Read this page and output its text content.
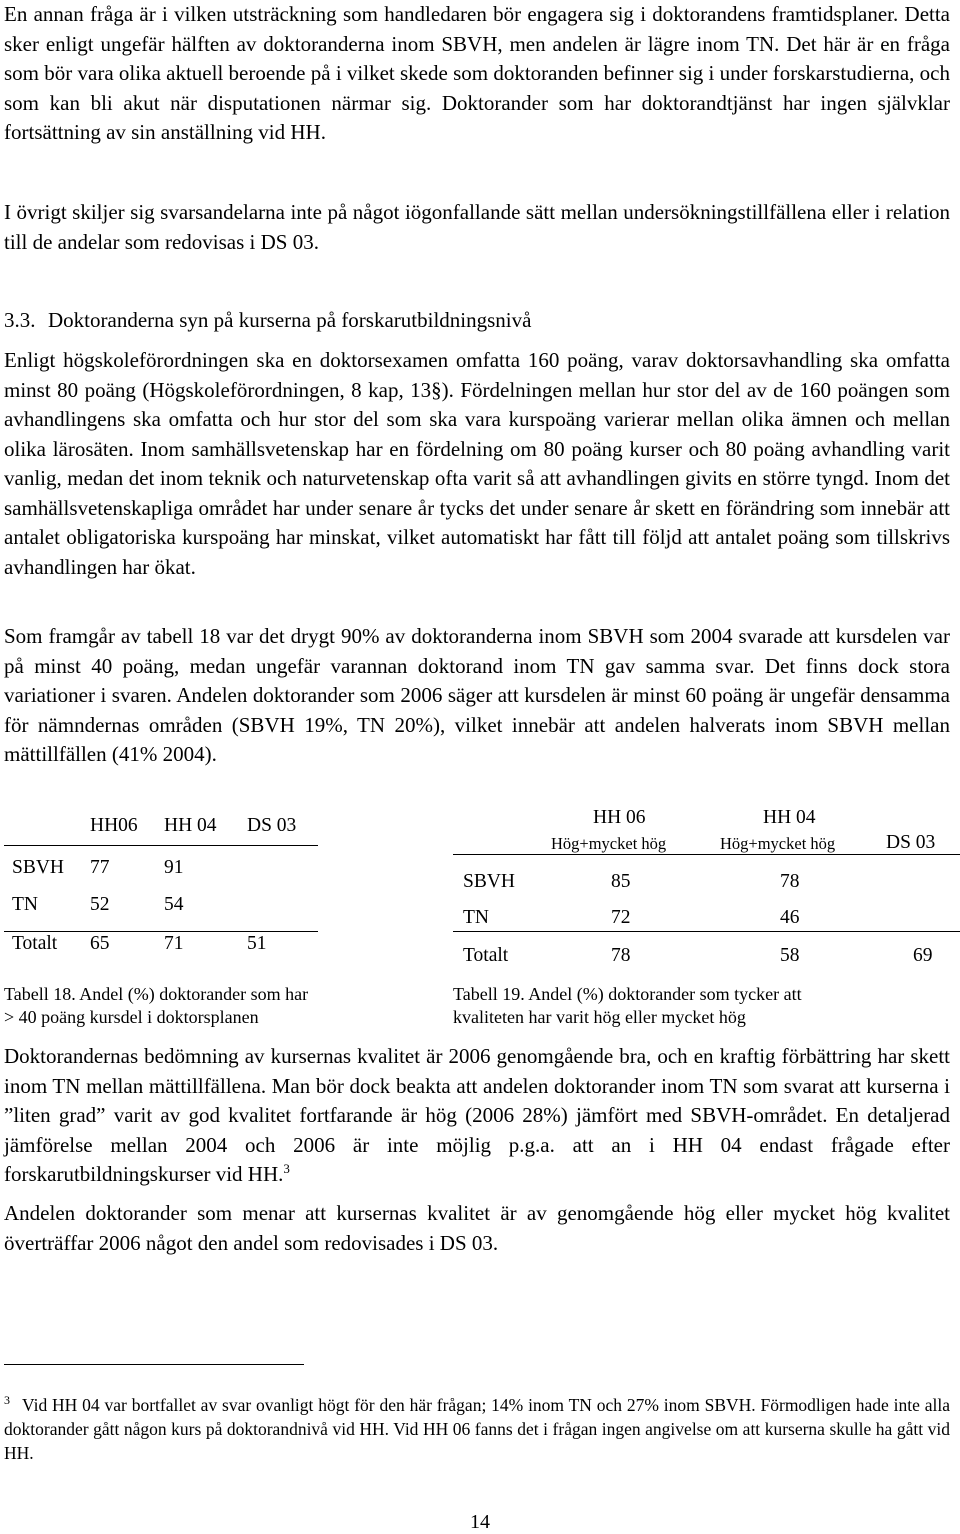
En annan fråga är i vilken utsträckning som handledaren bör engagera sig i doktorandens framtidsplaner. Detta sker enligt ungefär hälften av doktoranderna inom SBVH, men andelen är lägre inom TN. Det här är en fråga som bör vara olika aktuell beroende på i vilket skede som doktoranden befinner sig i under forskarstudierna, och som kan bli akut när disputationen närmar sig. Doktorander som har doktorandtjänst har ingen självklar fortsättning av sin anställning vid HH.

I övrigt skiljer sig svarsandelarna inte på något iögonfallande sätt mellan undersökningstillfällena eller i relation till de andelar som redovisas i DS 03.

3.3. Doktoranderna syn på kurserna på forskarutbildningsnivå

Enligt högskoleförordningen ska en doktorsexamen omfatta 160 poäng, varav doktorsavhandling ska omfatta minst 80 poäng (Högskoleförordningen, 8 kap, 13§). Fördelningen mellan hur stor del av de 160 poängen som avhandlingens ska omfatta och hur stor del som ska vara kurspoäng varierar mellan olika ämnen och mellan olika lärosäten. Inom samhällsvetenskap har en fördelning om 80 poäng kurser och 80 poäng avhandling varit vanlig, medan det inom teknik och naturvetenskap ofta varit så att avhandlingen givits en större tyngd. Inom det samhällsvetenskapliga området har under senare år tycks det under senare år skett en förändring som innebär att antalet obligatoriska kurspoäng har minskat, vilket automatiskt har fått till följd att antalet poäng som tillskrivs avhandlingen har ökat.

Som framgår av tabell 18 var det drygt 90% av doktoranderna inom SBVH som 2004 svarade att kursdelen var på minst 40 poäng, medan ungefär varannan doktorand inom TN gav samma svar. Det finns dock stora variationer i svaren. Andelen doktorander som 2006 säger att kursdelen är minst 60 poäng är ungefär densamma för nämndernas områden (SBVH 19%, TN 20%), vilket innebär att andelen halverats inom SBVH mellan mättillfällen (41% 2004).

HH06 HH 04 DS 03
SBVH 77	91
TN	52	54
Totalt 65	71	51

Tabell 18. Andel (%) doktorander som har
> 40 poäng kursdel i doktorsplanen

HH 06
Hög+mycket hög
HH 04
Hög+mycket hög	DS 03
SBVH	85	78
TN	72	46
Totalt	78	58	69

Tabell 19. Andel (%) doktorander som tycker att
kvaliteten har varit hög eller mycket hög

Doktorandernas bedömning av kursernas kvalitet är 2006 genomgående bra, och en kraftig förbättring har skett inom TN mellan mättillfällena. Man bör dock beakta att andelen doktorander inom TN som svarat att kurserna i ”liten grad” varit av god kvalitet fortfarande är hög (2006 28%) jämfört med SBVH-området. En detaljerad jämförelse mellan 2004 och 2006 är inte möjlig p.g.a. att an i HH 04 endast frågade efter forskarutbildningskurser vid HH.$^3$

Andelen doktorander som menar att kursernas kvalitet är av genomgående hög eller mycket hög kvalitet överträffar 2006 något den andel som redovisades i DS 03.

3 Vid HH 04 var bortfallet av svar ovanligt högt för den här frågan; 14% inom TN och 27% inom SBVH. Förmodligen hade inte alla doktorander gått någon kurs på doktorandnivå vid HH. Vid HH 06 fanns det i frågan ingen angivelse om att kurserna skulle ha gått vid HH.

14
